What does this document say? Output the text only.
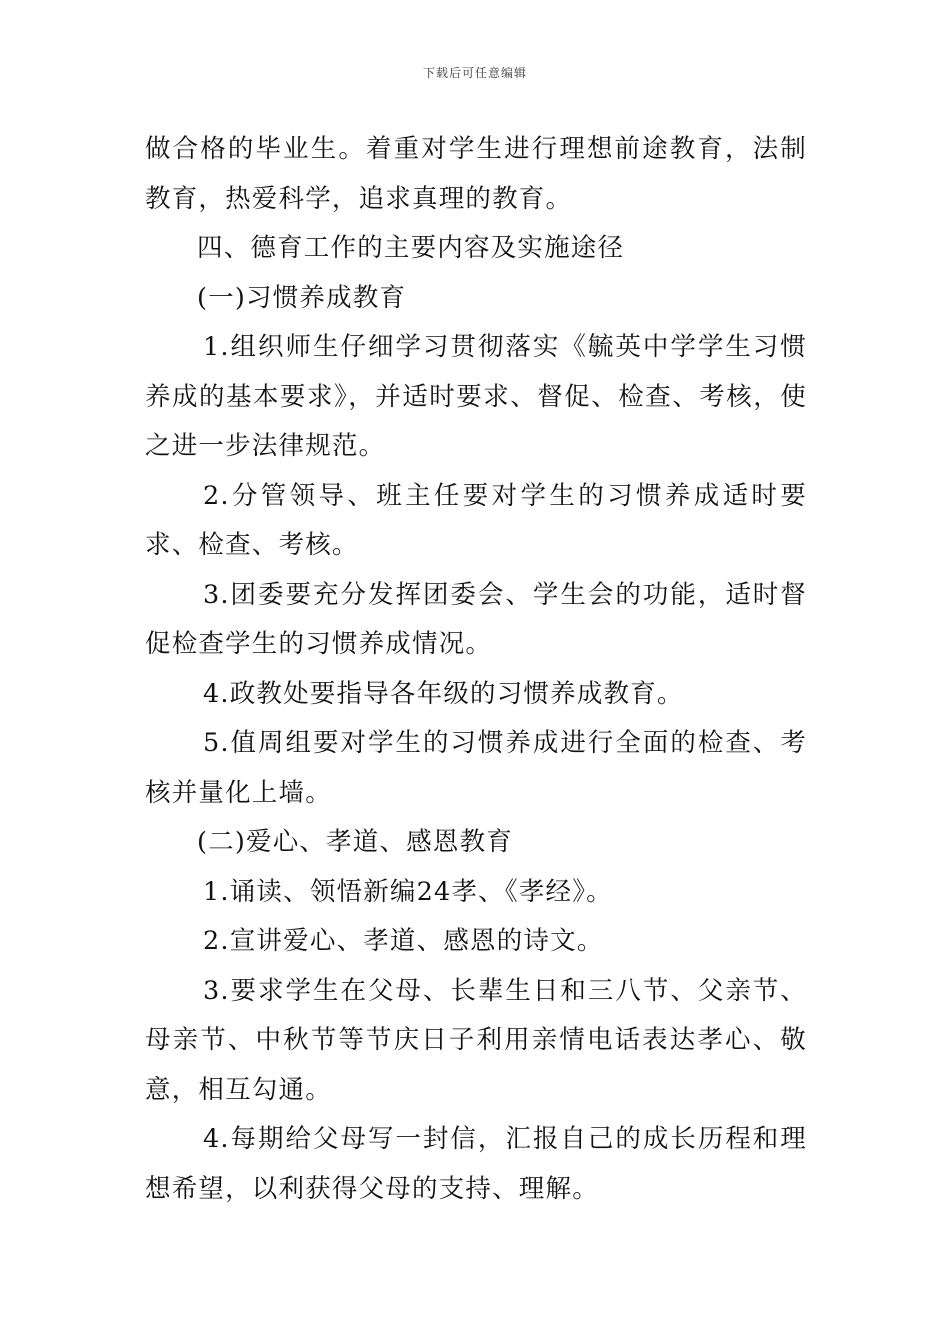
下载后可任意编辑

做合格的毕业生。着重对学生进行理想前途教育，法制教育，热爱科学，追求真理的教育。

四、德育工作的主要内容及实施途径

(一)习惯养成教育

1.组织师生仔细学习贯彻落实《毓英中学学生习惯养成的基本要求》，并适时要求、督促、检查、考核，使之进一步法律规范。

2.分管领导、班主任要对学生的习惯养成适时要求、检查、考核。

3.团委要充分发挥团委会、学生会的功能，适时督促检查学生的习惯养成情况。

4.政教处要指导各年级的习惯养成教育。

5.值周组要对学生的习惯养成进行全面的检查、考核并量化上墙。

(二)爱心、孝道、感恩教育

1.诵读、领悟新编24孝、《孝经》。

2.宣讲爱心、孝道、感恩的诗文。

3.要求学生在父母、长辈生日和三八节、父亲节、母亲节、中秋节等节庆日子利用亲情电话表达孝心、敬意，相互勾通。

4.每期给父母写一封信，汇报自己的成长历程和理想希望，以利获得父母的支持、理解。
